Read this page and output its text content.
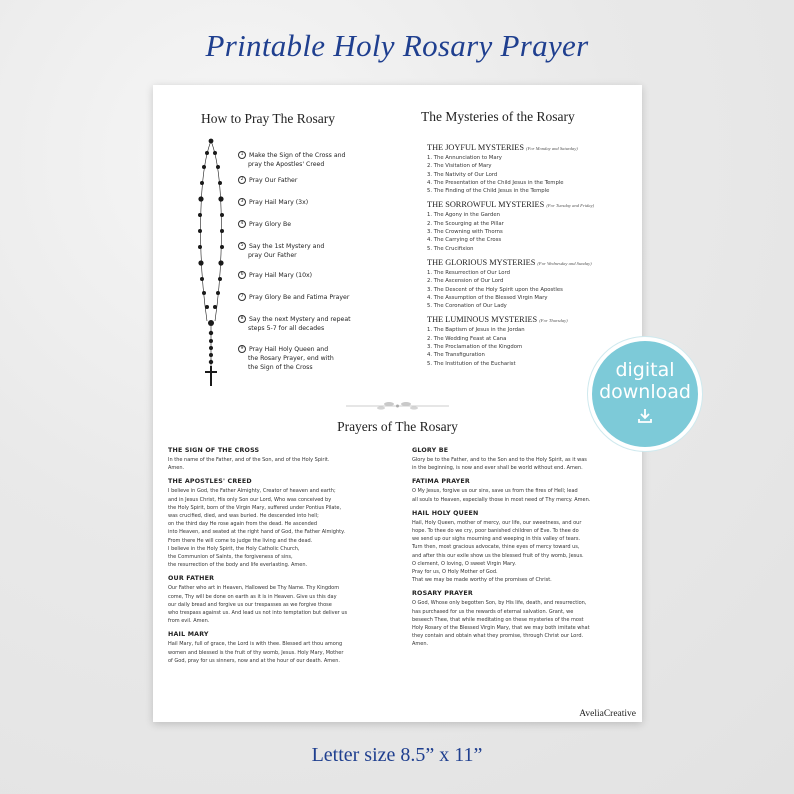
Printable Holy Rosary Prayer
How to Pray The Rosary	The Mysteries of the Rosary
1 Make the Sign of the Cross and
pray the Apostles' Creed
2 Pray Our Father
3 Pray Hail Mary (3x)
4 Pray Glory Be
5 Say the 1st Mystery and
pray Our Father
6 Pray Hail Mary (10x)
7 Pray Glory Be and Fatima Prayer
8 Say the next Mystery and repeat
steps 5-7 for all decades
9 Pray Hail Holy Queen and
the Rosary Prayer, end with
the Sign of the Cross
THE JOYFUL MYSTERIES (For Monday and Saturday)
1. The Annunciation to Mary
2. The Visitation of Mary
3. The Nativity of Our Lord
4. The Presentation of the Child Jesus in the Temple
5. The Finding of the Child Jesus in the Temple
THE SORROWFUL MYSTERIES (For Tuesday and Friday)
1. The Agony in the Garden
2. The Scourging at the Pillar
3. The Crowning with Thorns
4. The Carrying of the Cross
5. The Crucifixion
THE GLORIOUS MYSTERIES (For Wednesday and Sunday)
1. The Resurrection of Our Lord
2. The Ascension of Our Lord
3. The Descent of the Holy Spirit upon the Apostles
4. The Assumption of the Blessed Virgin Mary
5. The Coronation of Our Lady
THE LUMINOUS MYSTERIES (For Thursday)
1. The Baptism of Jesus in the Jordan
2. The Wedding Feast at Cana
3. The Proclamation of the Kingdom
4. The Transfiguration
5. The Institution of the Eucharist
Prayers of The Rosary
THE SIGN OF THE CROSS
In the name of the Father, and of the Son, and of the Holy Spirit.
Amen.
THE APOSTLES' CREED
I believe in God, the Father Almighty, Creator of heaven and earth;
and in Jesus Christ, His only Son our Lord, Who was conceived by
the Holy Spirit, born of the Virgin Mary, suffered under Pontius Pilate,
was crucified, died, and was buried. He descended into hell;
on the third day He rose again from the dead. He ascended
into Heaven, and seated at the right hand of God, the Father Almighty.
From there He will come to judge the living and the dead.
I believe in the Holy Spirit, the Holy Catholic Church,
the Communion of Saints, the forgiveness of sins,
the resurrection of the body and life everlasting. Amen.
OUR FATHER
Our Father who art in Heaven, Hallowed be Thy Name. Thy Kingdom
come, Thy will be done on earth as it is in Heaven. Give us this day
our daily bread and forgive us our trespasses as we forgive those
who trespass against us. And lead us not into temptation but deliver us
from evil. Amen.
HAIL MARY
Hail Mary, full of grace, the Lord is with thee. Blessed art thou among
women and blessed is the fruit of thy womb, Jesus. Holy Mary, Mother
of God, pray for us sinners, now and at the hour of our death. Amen.
GLORY BE
Glory be to the Father, and to the Son and to the Holy Spirit, as it was
in the beginning, is now and ever shall be world without end. Amen.
FATIMA PRAYER
O My Jesus, forgive us our sins, save us from the fires of Hell; lead
all souls to Heaven, especially those in most need of Thy mercy. Amen.
HAIL HOLY QUEEN
Hail, Holy Queen, mother of mercy, our life, our sweetness, and our
hope. To thee do we cry, poor banished children of Eve. To thee do
we send up our sighs mourning and weeping in this valley of tears.
Turn then, most gracious advocate, thine eyes of mercy toward us,
and after this our exile show us the blessed fruit of thy womb, Jesus.
O clement, O loving, O sweet Virgin Mary.
Pray for us, O Holy Mother of God.
That we may be made worthy of the promises of Christ.
ROSARY PRAYER
O God, Whose only begotten Son, by His life, death, and resurrection,
has purchased for us the rewards of eternal salvation. Grant, we
beseech Thee, that while meditating on these mysteries of the most
Holy Rosary of the Blessed Virgin Mary, that we may both imitate what
they contain and obtain what they promise, through Christ our Lord.
Amen.
AveliaCreative
digital
download
Letter size 8.5” x 11”
